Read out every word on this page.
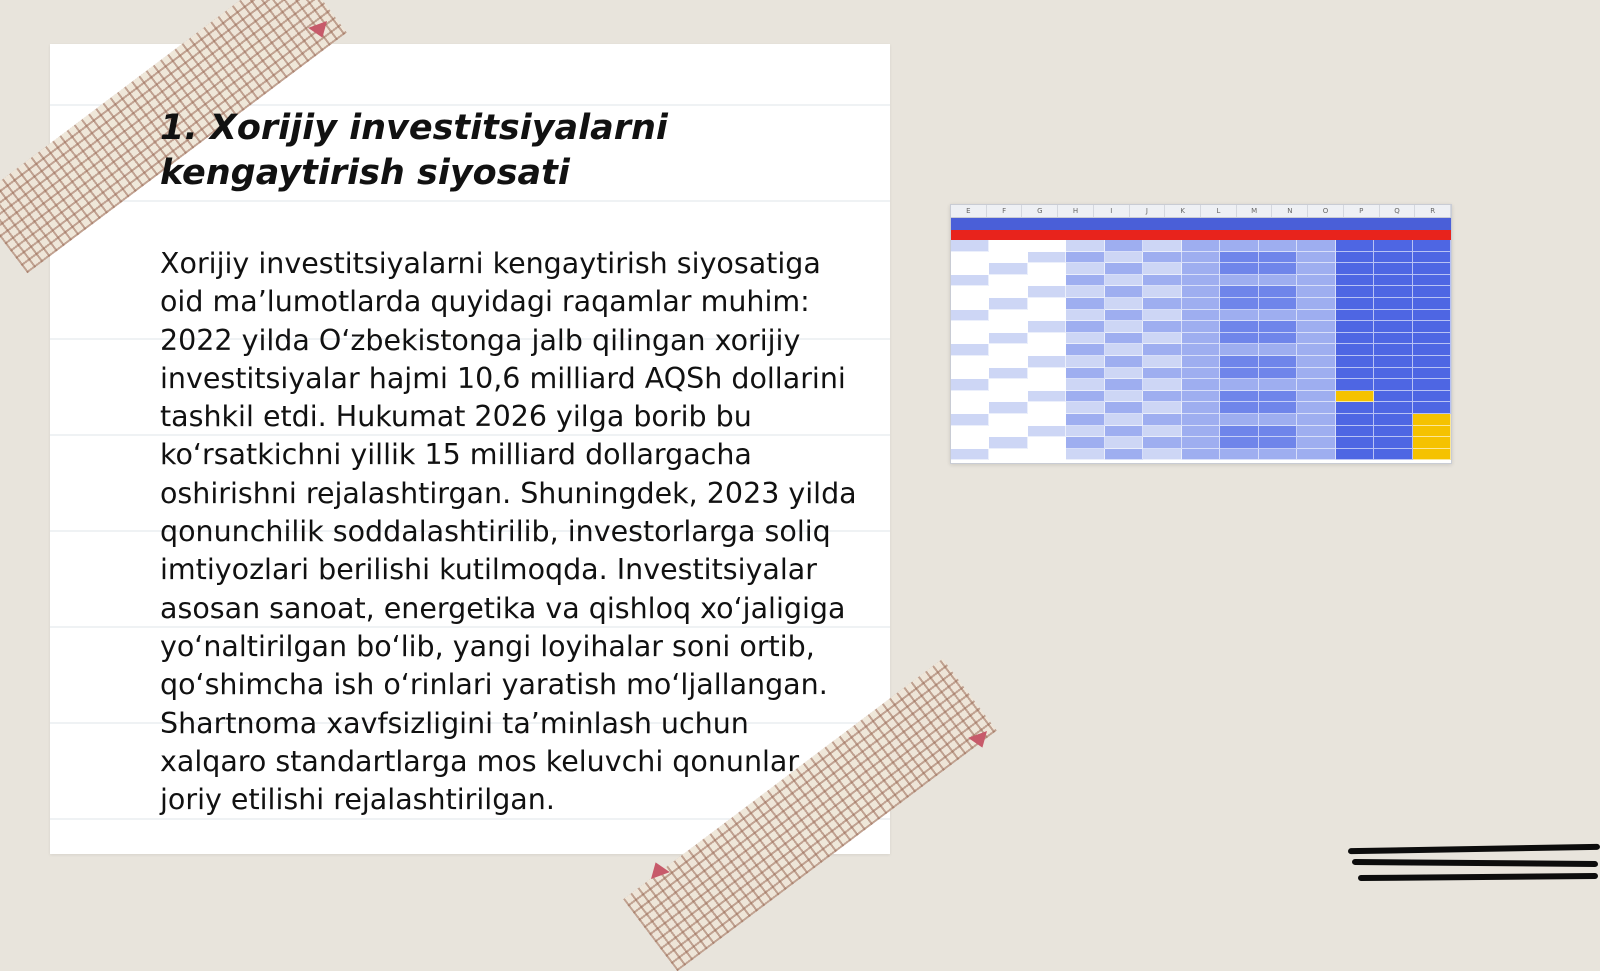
1. Xorijiy investitsiyalarni
kengaytirish siyosati

Xorijiy investitsiyalarni kengaytirish siyosatiga oid ma’lumotlarda quyidagi raqamlar muhim: 2022 yilda O‘zbekistonga jalb qilingan xorijiy investitsiyalar hajmi 10,6 milliard AQSh dollarini tashkil etdi. Hukumat 2026 yilga borib bu ko‘rsatkichni yillik 15 milliard dollargacha oshirishni rejalashtirgan. Shuningdek, 2023 yilda qonunchilik soddalashtirilib, investorlarga soliq imtiyozlari berilishi kutilmoqda. Investitsiyalar asosan sanoat, energetika va qishloq xo‘jaligiga yo‘naltirilgan bo‘lib, yangi loyihalar soni ortib, qo‘shimcha ish o‘rinlari yaratish mo‘ljallangan. Shartnoma xavfsizligini ta’minlash uchun xalqaro standartlarga mos keluvchi qonunlar joriy etilishi rejalashtirilgan.

E	F	G	H	I	J	K	L	M	N	O	P	Q	R
